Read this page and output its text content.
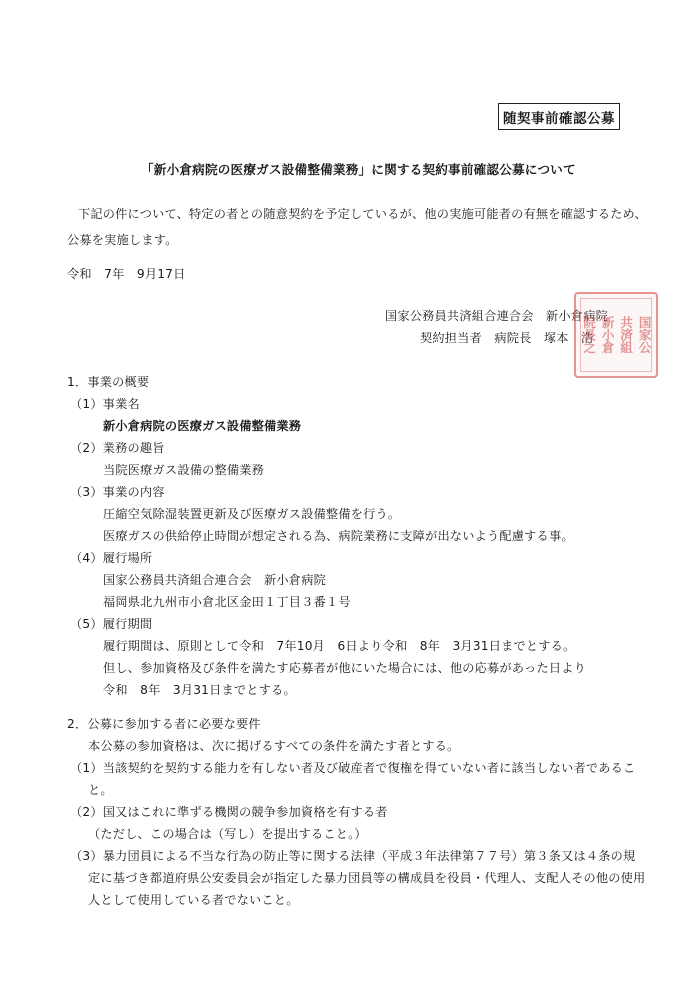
随契事前確認公募
「新小倉病院の医療ガス設備整備業務」に関する契約事前確認公募について
下記の件について、特定の者との随意契約を予定しているが、他の実施可能者の有無を確認するため、
公募を実施します。
令和　7年　9月17日
国家公務員共済組合連合会　新小倉病院
契約担当者　病院長　塚本　浩	国家公
共済組
新小倉
院長之
1．事業の概要
（1）事業名
新小倉病院の医療ガス設備整備業務
（2）業務の趣旨
当院医療ガス設備の整備業務
（3）事業の内容
圧縮空気除湿装置更新及び医療ガス設備整備を行う。
医療ガスの供給停止時間が想定される為、病院業務に支障が出ないよう配慮する事。
（4）履行場所
国家公務員共済組合連合会　新小倉病院
福岡県北九州市小倉北区金田１丁目３番１号
（5）履行期間
履行期間は、原則として令和　7年10月　6日より令和　8年　3月31日までとする。
但し、参加資格及び条件を満たす応募者が他にいた場合には、他の応募があった日より
令和　8年　3月31日までとする。
2．公募に参加する者に必要な要件
本公募の参加資格は、次に掲げるすべての条件を満たす者とする。
（1）当該契約を契約する能力を有しない者及び破産者で復権を得ていない者に該当しない者であるこ
と。
（2）国又はこれに準ずる機関の競争参加資格を有する者
（ただし、この場合は（写し）を提出すること。）
（3）暴力団員による不当な行為の防止等に関する法律（平成３年法律第７７号）第３条又は４条の規
定に基づき都道府県公安委員会が指定した暴力団員等の構成員を役員・代理人、支配人その他の使用
人として使用している者でないこと。
